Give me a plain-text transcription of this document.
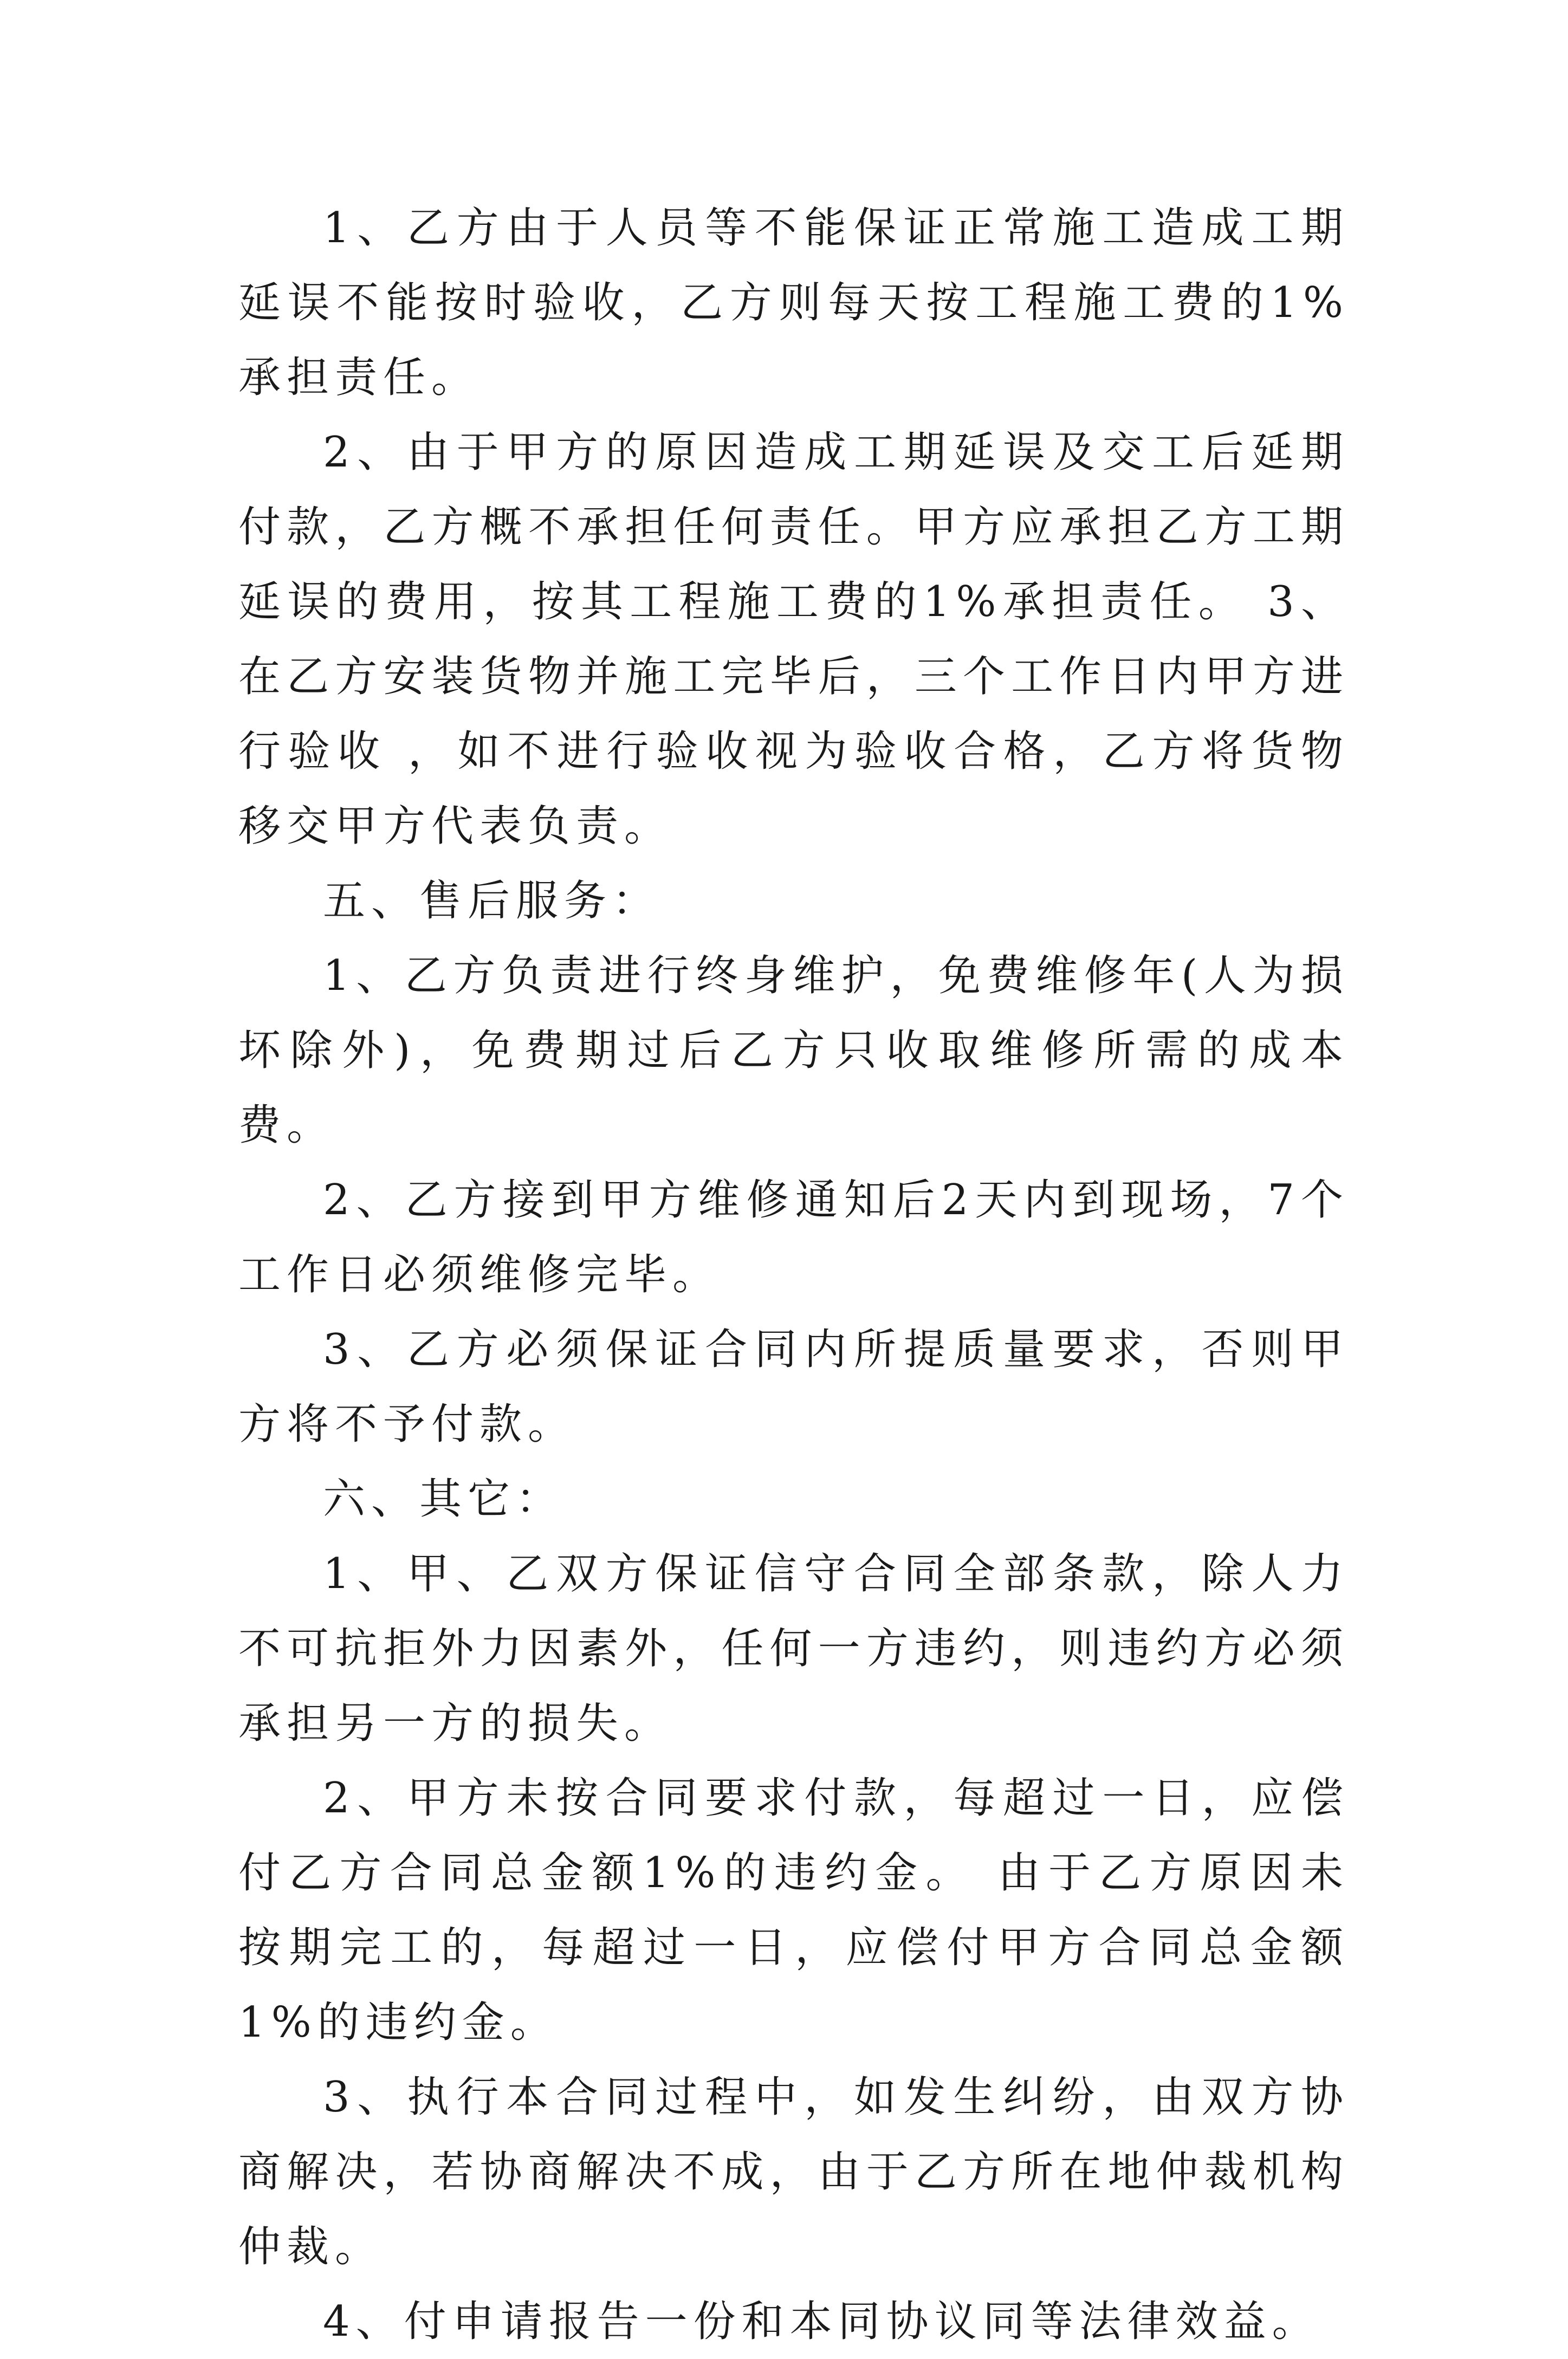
1、乙方由于人员等不能保证正常施工造成工期延误不能按时验收，乙方则每天按工程施工费的1%承担责任。

2、由于甲方的原因造成工期延误及交工后延期付款，乙方概不承担任何责任。甲方应承担乙方工期延误的费用，按其工程施工费的1%承担责任。 3、在乙方安装货物并施工完毕后，三个工作日内甲方进行验收 ，如不进行验收视为验收合格，乙方将货物移交甲方代表负责。

五、售后服务：

1、乙方负责进行终身维护，免费维修年(人为损坏除外)，免费期过后乙方只收取维修所需的成本费。

2、乙方接到甲方维修通知后2天内到现场，7个工作日必须维修完毕。

3、乙方必须保证合同内所提质量要求，否则甲方将不予付款。

六、其它：

1、甲、乙双方保证信守合同全部条款，除人力不可抗拒外力因素外，任何一方违约，则违约方必须承担另一方的损失。

2、甲方未按合同要求付款，每超过一日，应偿付乙方合同总金额1%的违约金。 由于乙方原因未按期完工的，每超过一日，应偿付甲方合同总金额1%的违约金。

3、执行本合同过程中，如发生纠纷，由双方协商解决，若协商解决不成，由于乙方所在地仲裁机构仲裁。

4、付申请报告一份和本同协议同等法律效益。
